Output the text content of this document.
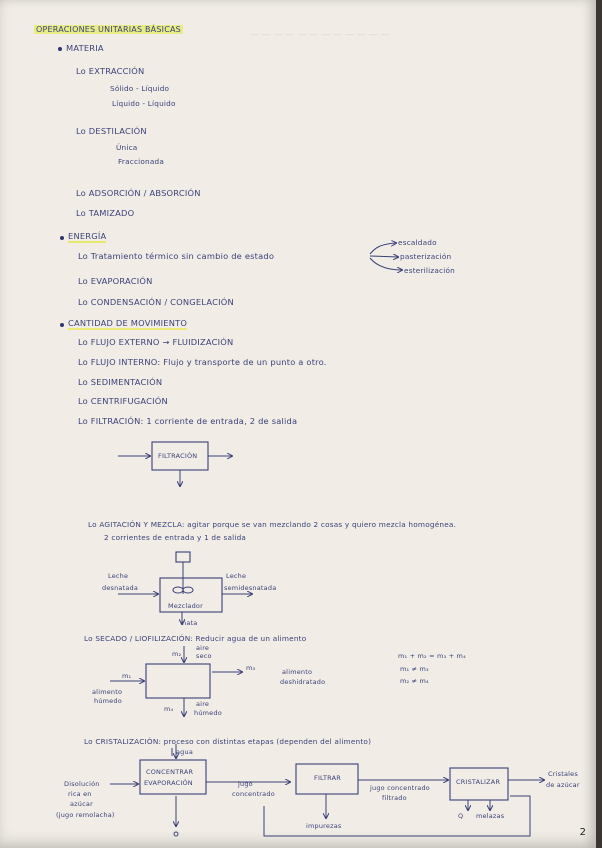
— — — — — — — — — — — —
OPERACIONES UNITARIAS BÁSICAS
MATERIA
Lo EXTRACCIÓN
Sólido - Líquido
Líquido - Líquido
Lo DESTILACIÓN
Única
Fraccionada
Lo ADSORCIÓN / ABSORCIÓN
Lo TAMIZADO
ENERGÍA
Lo Tratamiento térmico sin cambio de estado
escaldado
pasterización
esterilización
Lo EVAPORACIÓN
Lo CONDENSACIÓN / CONGELACIÓN
CANTIDAD DE MOVIMIENTO
Lo FLUJO EXTERNO → FLUIDIZACIÓN
Lo FLUJO INTERNO: Flujo y transporte de un punto a otro.
Lo SEDIMENTACIÓN
Lo CENTRIFUGACIÓN
Lo FILTRACIÓN: 1 corriente de entrada, 2 de salida
FILTRACIÓN
Lo AGITACIÓN Y MEZCLA: agitar porque se van mezclando 2 cosas y quiero mezcla homogénea.
2 corrientes de entrada y 1 de salida
Leche
desnatada
Leche
semidesnatada
Mezclador
nata
Lo SECADO / LIOFILIZACIÓN: Reducir agua de un alimento
aire
seco
m₂
m₁
alimento
húmedo
m₃	alimento
deshidratado
m₄
aire
húmedo
m₁ + m₂ = m₃ + m₄
m₁ ≠ m₃
m₂ ≠ m₄
Lo CRISTALIZACIÓN: proceso con distintas etapas (dependen del alimento)
agua
CONCENTRAR
EVAPORACIÓN
Disolución
rica en
azúcar
(jugo remolacha)
jugo
concentrado
FILTRAR
jugo concentrado
filtrado
CRISTALIZAR
Cristales
de azúcar
impurezas
Q melazas
2
